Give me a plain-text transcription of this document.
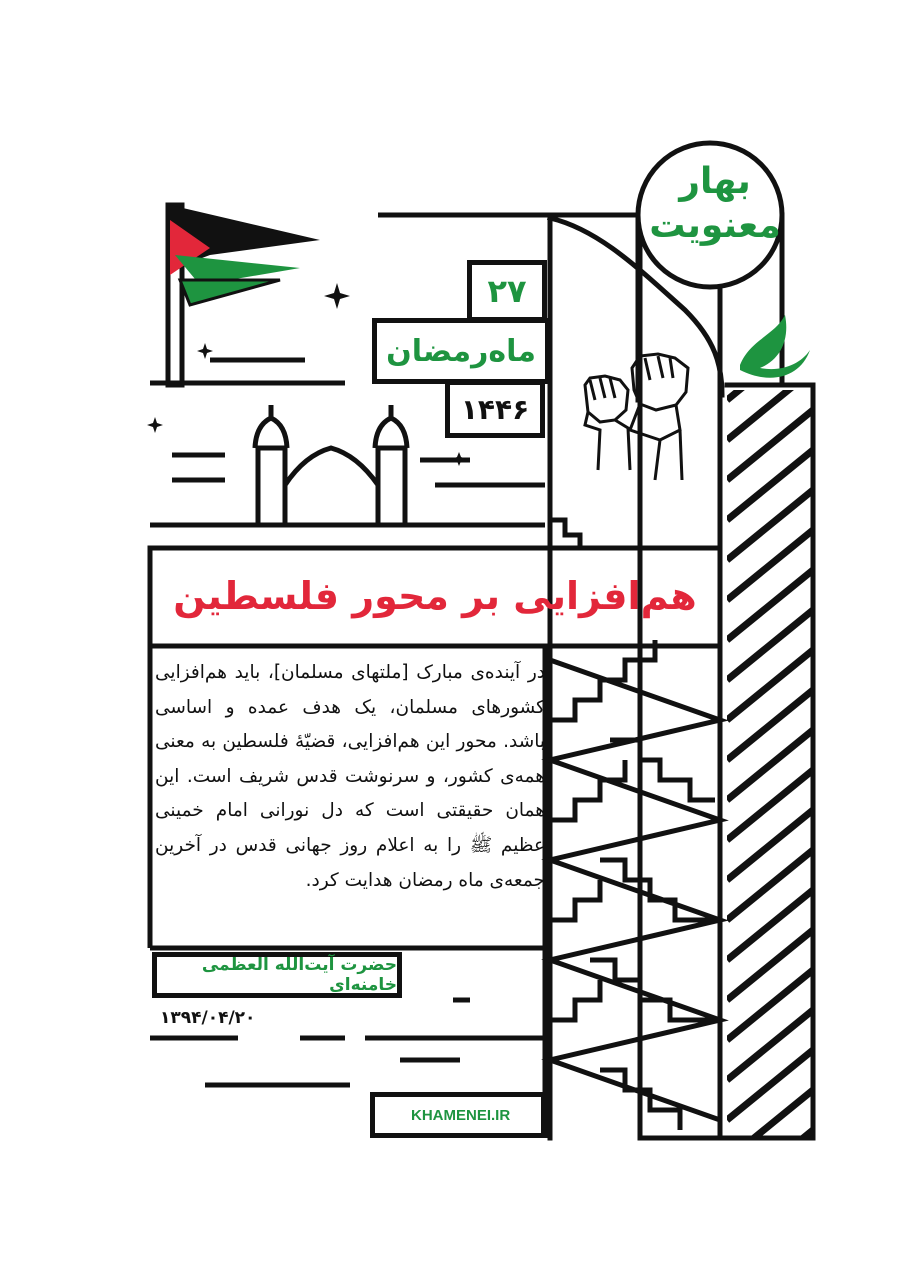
بهار معنویت
۲۷
ماه‌رمضان
۱۴۴۶
هم‌افزایی بر محور فلسطین
در آینده‌ی مبارک [ملتهای مسلمان]، باید هم‌افزایی کشورهای مسلمان، یک هدف عمده و اساسی باشد. محور این هم‌افزایی، قضیّهٔ فلسطین به معنی همه‌ی کشور، و سرنوشت قدس شریف است. این همان حقیقتی است که دل نورانی امام خمینی عظیم ﷺ را به اعلام روز جهانی قدس در آخرین جمعه‌ی ماه رمضان هدایت کرد.
حضرت آیت‌الله العظمی خامنه‌ای
۱۳۹۴/۰۴/۲۰
KHAMENEI.IR
